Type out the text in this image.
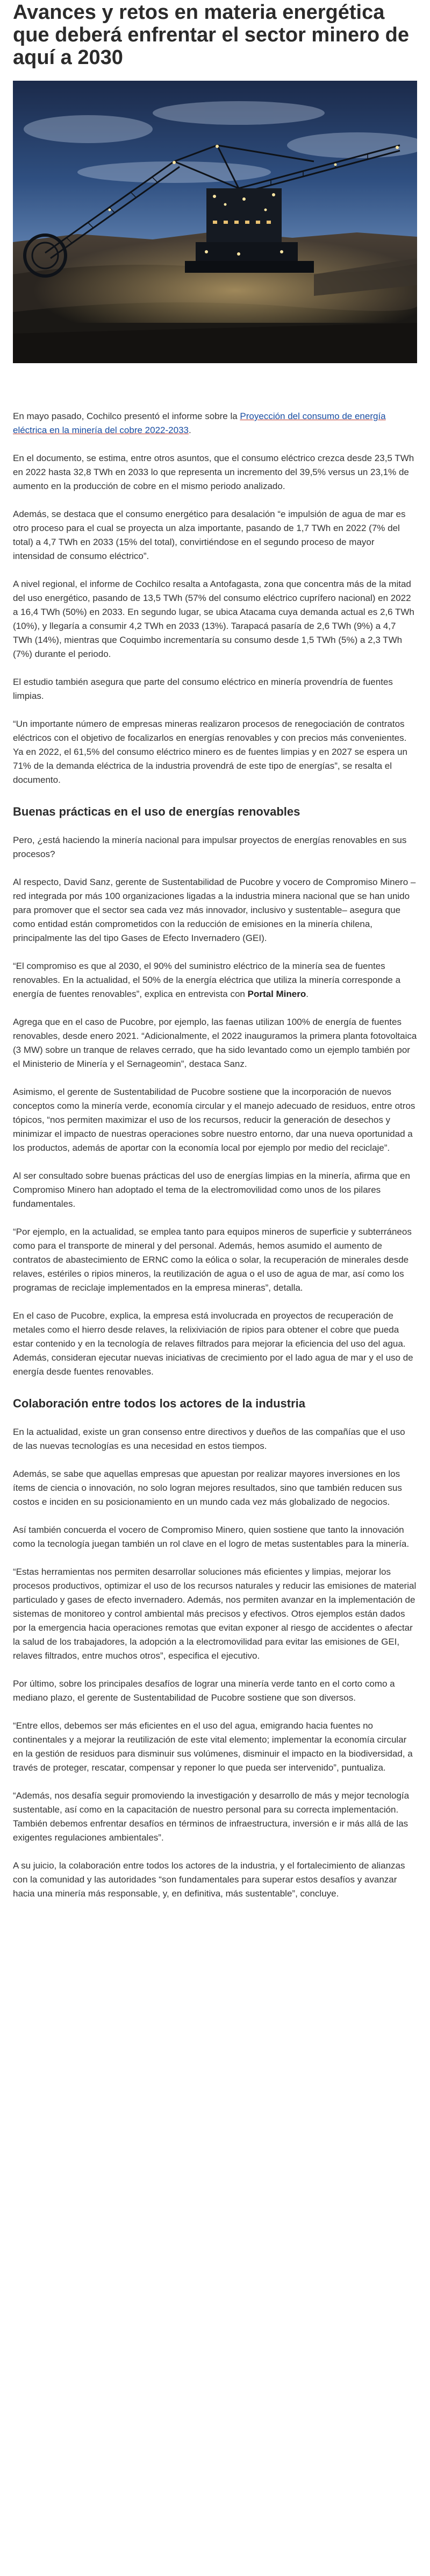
Avances y retos en materia energética que deberá enfrentar el sector minero de aquí a 2030

En mayo pasado, Cochilco presentó el informe sobre la Proyección del consumo de energía eléctrica en la minería del cobre 2022-2033.

En el documento, se estima, entre otros asuntos, que el consumo eléctrico crezca desde 23,5 TWh en 2022 hasta 32,8 TWh en 2033 lo que representa un incremento del 39,5% versus un 23,1% de aumento en la producción de cobre en el mismo periodo analizado.

Además, se destaca que el consumo energético para desalación “e impulsión de agua de mar es otro proceso para el cual se proyecta un alza importante, pasando de 1,7 TWh en 2022 (7% del total) a 4,7 TWh en 2033 (15% del total), convirtiéndose en el segundo proceso de mayor intensidad de consumo eléctrico”.

A nivel regional, el informe de Cochilco resalta a Antofagasta, zona que concentra más de la mitad del uso energético, pasando de 13,5 TWh (57% del consumo eléctrico cuprífero nacional) en 2022 a 16,4 TWh (50%) en 2033. En segundo lugar, se ubica Atacama cuya demanda actual es 2,6 TWh (10%), y llegaría a consumir 4,2 TWh en 2033 (13%). Tarapacá pasaría de 2,6 TWh (9%) a 4,7 TWh (14%), mientras que Coquimbo incrementaría su consumo desde 1,5 TWh (5%) a 2,3 TWh (7%) durante el periodo.

El estudio también asegura que parte del consumo eléctrico en minería provendría de fuentes limpias.

“Un importante número de empresas mineras realizaron procesos de renegociación de contratos eléctricos con el objetivo de focalizarlos en energías renovables y con precios más convenientes. Ya en 2022, el 61,5% del consumo eléctrico minero es de fuentes limpias y en 2027 se espera un 71% de la demanda eléctrica de la industria provendrá de este tipo de energías”, se resalta el documento.

Buenas prácticas en el uso de energías renovables

Pero, ¿está haciendo la minería nacional para impulsar proyectos de energías renovables en sus procesos?

Al respecto, David Sanz, gerente de Sustentabilidad de Pucobre y vocero de Compromiso Minero –red integrada por más 100 organizaciones ligadas a la industria minera nacional que se han unido para promover que el sector sea cada vez más innovador, inclusivo y sustentable– asegura que como entidad están comprometidos con la reducción de emisiones en la minería chilena, principalmente las del tipo Gases de Efecto Invernadero (GEI).

“El compromiso es que al 2030, el 90% del suministro eléctrico de la minería sea de fuentes renovables. En la actualidad, el 50% de la energía eléctrica que utiliza la minería corresponde a energía de fuentes renovables”, explica en entrevista con Portal Minero.

Agrega que en el caso de Pucobre, por ejemplo, las faenas utilizan 100% de energía de fuentes renovables, desde enero 2021. “Adicionalmente, el 2022 inauguramos la primera planta fotovoltaica (3 MW) sobre un tranque de relaves cerrado, que ha sido levantado como un ejemplo también por el Ministerio de Minería y el Sernageomin”, destaca Sanz.

Asimismo, el gerente de Sustentabilidad de Pucobre sostiene que la incorporación de nuevos conceptos como la minería verde, economía circular y el manejo adecuado de residuos, entre otros tópicos, “nos permiten maximizar el uso de los recursos, reducir la generación de desechos y minimizar el impacto de nuestras operaciones sobre nuestro entorno, dar una nueva oportunidad a los productos, además de aportar con la economía local por ejemplo por medio del reciclaje”.

Al ser consultado sobre buenas prácticas del uso de energías limpias en la minería, afirma que en Compromiso Minero han adoptado el tema de la electromovilidad como unos de los pilares fundamentales.

“Por ejemplo, en la actualidad, se emplea tanto para equipos mineros de superficie y subterráneos como para el transporte de mineral y del personal. Además, hemos asumido el aumento de contratos de abastecimiento de ERNC como la eólica o solar, la recuperación de minerales desde relaves, estériles o ripios mineros, la reutilización de agua o el uso de agua de mar, así como los programas de reciclaje implementados en la empresa mineras”, detalla.

En el caso de Pucobre, explica, la empresa está involucrada en proyectos de recuperación de metales como el hierro desde relaves, la relixiviación de ripios para obtener el cobre que pueda estar contenido y en la tecnología de relaves filtrados para mejorar la eficiencia del uso del agua. Además, consideran ejecutar nuevas iniciativas de crecimiento por el lado agua de mar y el uso de energía desde fuentes renovables.

Colaboración entre todos los actores de la industria

En la actualidad, existe un gran consenso entre directivos y dueños de las compañías que el uso de las nuevas tecnologías es una necesidad en estos tiempos.

Además, se sabe que aquellas empresas que apuestan por realizar mayores inversiones en los ítems de ciencia o innovación, no solo logran mejores resultados, sino que también reducen sus costos e inciden en su posicionamiento en un mundo cada vez más globalizado de negocios.

Así también concuerda el vocero de Compromiso Minero, quien sostiene que tanto la innovación como la tecnología juegan también un rol clave en el logro de metas sustentables para la minería.

“Estas herramientas nos permiten desarrollar soluciones más eficientes y limpias, mejorar los procesos productivos, optimizar el uso de los recursos naturales y reducir las emisiones de material particulado y gases de efecto invernadero. Además, nos permiten avanzar en la implementación de sistemas de monitoreo y control ambiental más precisos y efectivos. Otros ejemplos están dados por la emergencia hacia operaciones remotas que evitan exponer al riesgo de accidentes o afectar la salud de los trabajadores, la adopción a la electromovilidad para evitar las emisiones de GEI, relaves filtrados, entre muchos otros”, especifica el ejecutivo.

Por último, sobre los principales desafíos de lograr una minería verde tanto en el corto como a mediano plazo, el gerente de Sustentabilidad de Pucobre sostiene que son diversos.

“Entre ellos, debemos ser más eficientes en el uso del agua, emigrando hacia fuentes no continentales y a mejorar la reutilización de este vital elemento; implementar la economía circular en la gestión de residuos para disminuir sus volúmenes, disminuir el impacto en la biodiversidad, a través de proteger, rescatar, compensar y reponer lo que pueda ser intervenido”, puntualiza.

“Además, nos desafía seguir promoviendo la investigación y desarrollo de más y mejor tecnología sustentable, así como en la capacitación de nuestro personal para su correcta implementación. También debemos enfrentar desafíos en términos de infraestructura, inversión e ir más allá de las exigentes regulaciones ambientales”.

A su juicio, la colaboración entre todos los actores de la industria, y el fortalecimiento de alianzas con la comunidad y las autoridades “son fundamentales para superar estos desafíos y avanzar hacia una minería más responsable, y, en definitiva, más sustentable”, concluye.
